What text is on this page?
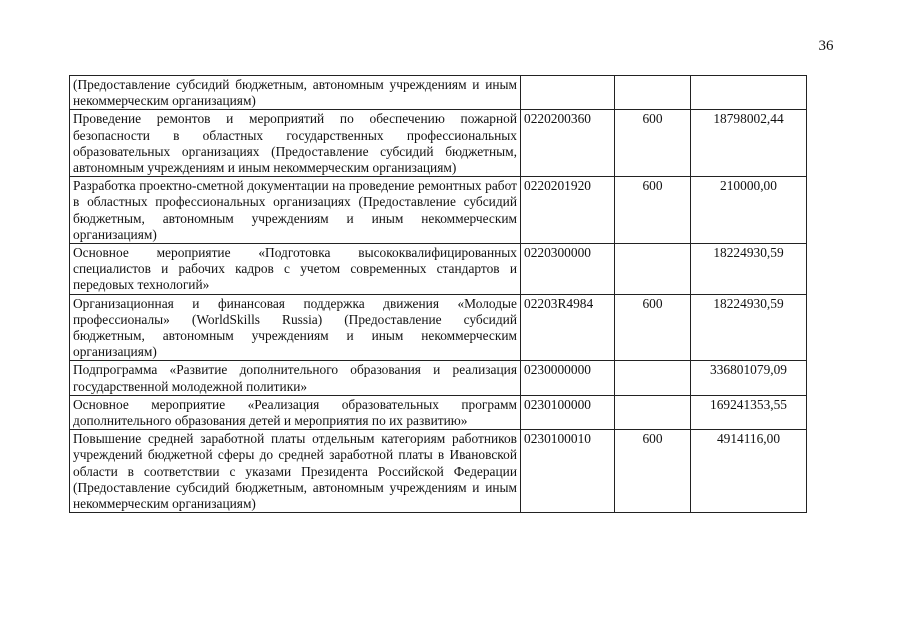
36
(Предоставление субсидий бюджетным, автономным учреждениям и иным некоммерческим организациям)			
Проведение ремонтов и мероприятий по обеспечению пожарной безопасности в областных государственных профессиональных образовательных организациях (Предоставление субсидий бюджетным, автономным учреждениям и иным некоммерческим организациям)	0220200360	600	18798002,44
Разработка проектно-сметной документации на проведение ремонтных работ в областных профессиональных организациях (Предоставление субсидий бюджетным, автономным учреждениям и иным некоммерческим организациям)	0220201920	600	210000,00
Основное мероприятие «Подготовка высококвалифицированных специалистов и рабочих кадров с учетом современных стандартов и передовых технологий»	0220300000		18224930,59
Организационная и финансовая поддержка движения «Молодые профессионалы» (WorldSkills Russia) (Предоставление субсидий бюджетным, автономным учреждениям и иным некоммерческим организациям)	02203R4984	600	18224930,59
Подпрограмма «Развитие дополнительного образования и реализация государственной молодежной политики»	0230000000		336801079,09
Основное мероприятие «Реализация образовательных программ дополнительного образования детей и мероприятия по их развитию»	0230100000		169241353,55
Повышение средней заработной платы отдельным категориям работников учреждений бюджетной сферы до средней заработной платы в Ивановской области в соответствии с указами Президента Российской Федерации (Предоставление субсидий бюджетным, автономным учреждениям и иным некоммерческим организациям)	0230100010	600	4914116,00
